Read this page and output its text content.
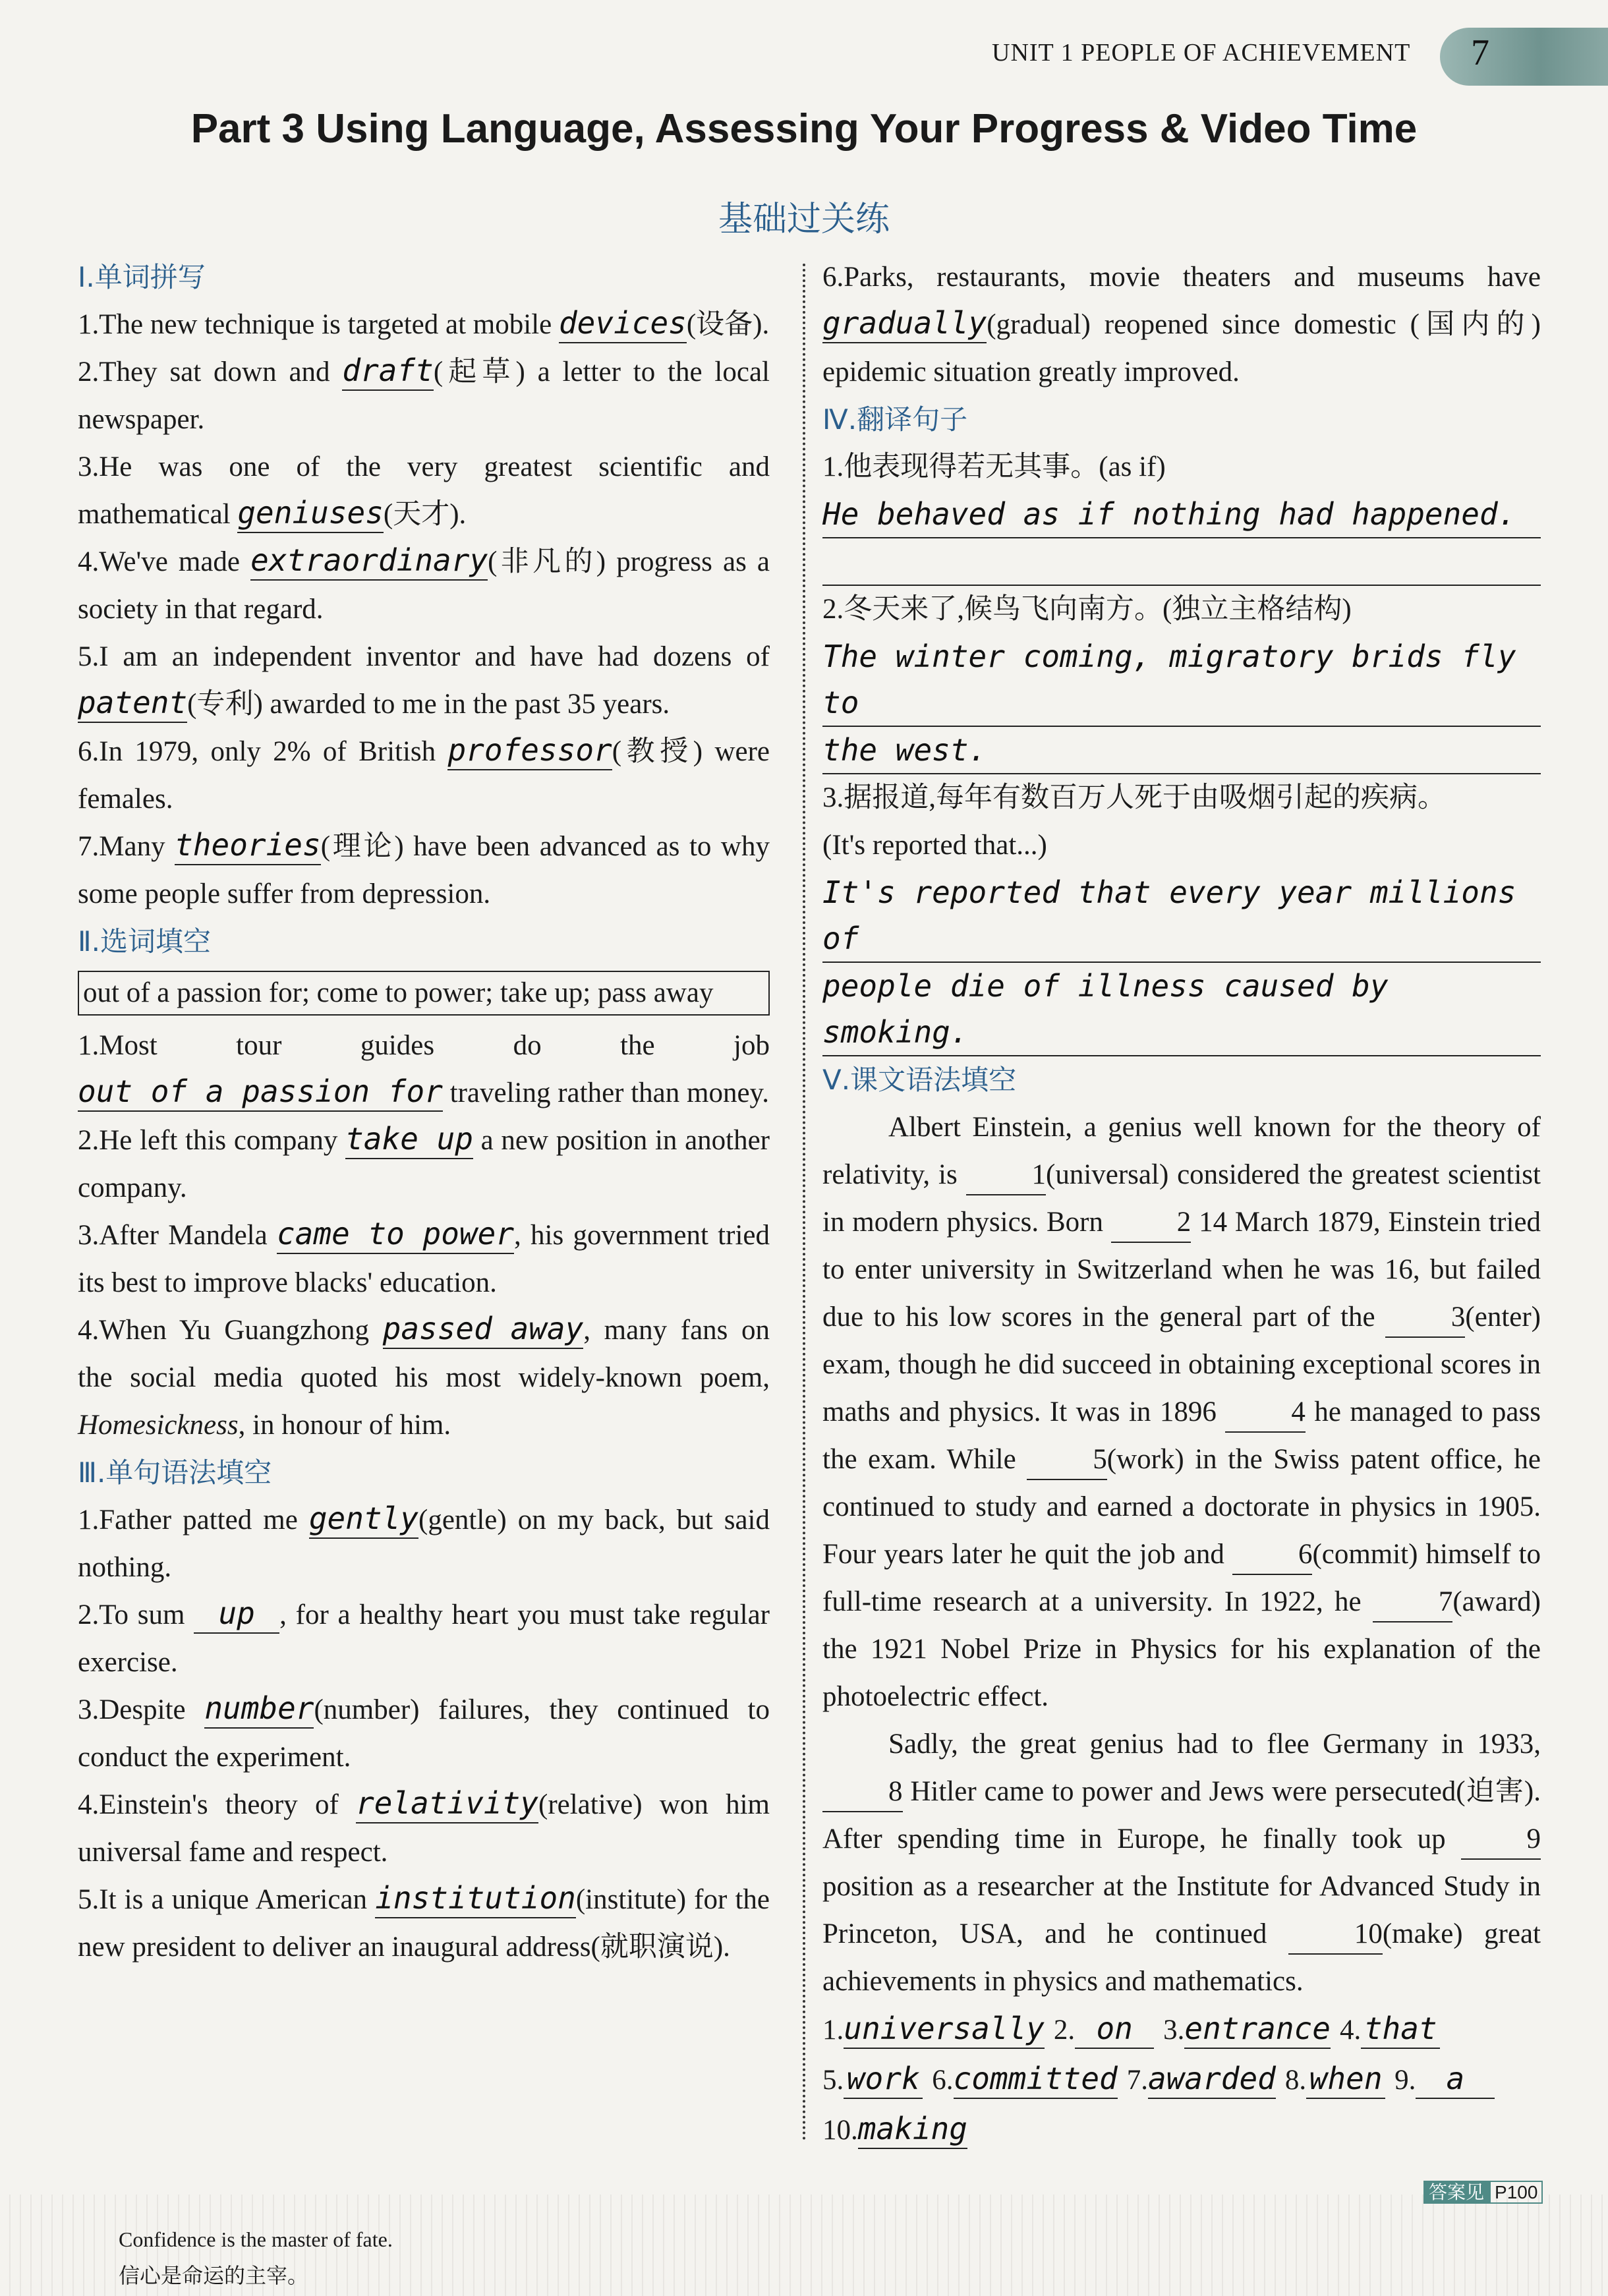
UNIT 1 PEOPLE OF ACHIEVEMENT 7
Part 3 Using Language, Assessing Your Progress & Video Time
基础过关练
Ⅰ.单词拼写
1.The new technique is targeted at mobile devices(设备).
2.They sat down and draft(起草) a letter to the local newspaper.
3.He was one of the very greatest scientific and mathematical geniuses(天才).
4.We've made extraordinary(非凡的) progress as a society in that regard.
5.I am an independent inventor and have had dozens of patent(专利) awarded to me in the past 35 years.
6.In 1979, only 2% of British professor(教授) were females.
7.Many theories(理论) have been advanced as to why some people suffer from depression.
Ⅱ.选词填空
out of a passion for; come to power; take up; pass away
1.Most tour guides do the job out of a passion for traveling rather than money.
2.He left this company take up a new position in another company.
3.After Mandela came to power, his government tried its best to improve blacks' education.
4.When Yu Guangzhong passed away, many fans on the social media quoted his most widely-known poem, Homesickness, in honour of him.
Ⅲ.单句语法填空
1.Father patted me gently(gentle) on my back, but said nothing.
2.To sum up , for a healthy heart you must take regular exercise.
3.Despite number(number) failures, they continued to conduct the experiment.
4.Einstein's theory of relativity(relative) won him universal fame and respect.
5.It is a unique American institution(institute) for the new president to deliver an inaugural address(就职演说).
6.Parks, restaurants, movie theaters and museums have gradually(gradual) reopened since domestic (国内的) epidemic situation greatly improved.
Ⅳ.翻译句子
1.他表现得若无其事。(as if)
He behaved as if nothing had happened.
2.冬天来了,候鸟飞向南方。(独立主格结构)
The winter coming, migratory brids fly to
the west.
3.据报道,每年有数百万人死于由吸烟引起的疾病。
(It's reported that...)
It's reported that every year millions of
people die of illness caused by smoking.
Ⅴ.课文语法填空
Albert Einstein, a genius well known for the theory of relativity, is 1(universal) considered the greatest scientist in modern physics. Born 2 14 March 1879, Einstein tried to enter university in Switzerland when he was 16, but failed due to his low scores in the general part of the 3(enter) exam, though he did succeed in obtaining exceptional scores in maths and physics. It was in 1896 4 he managed to pass the exam. While 5(work) in the Swiss patent office, he continued to study and earned a doctorate in physics in 1905. Four years later he quit the job and 6(commit) himself to full-time research at a university. In 1922, he 7(award) the 1921 Nobel Prize in Physics for his explanation of the photoelectric effect.
Sadly, the great genius had to flee Germany in 1933, 8 Hitler came to power and Jews were persecuted(迫害). After spending time in Europe, he finally took up 9 position as a researcher at the Institute for Advanced Study in Princeton, USA, and he continued 10(make) great achievements in physics and mathematics.
1.universally 2. on 3.entrance 4. that5. work 6.committed 7.awarded 8. when 9. a10.making
答案见 P100
Confidence is the master of fate.
信心是命运的主宰。
